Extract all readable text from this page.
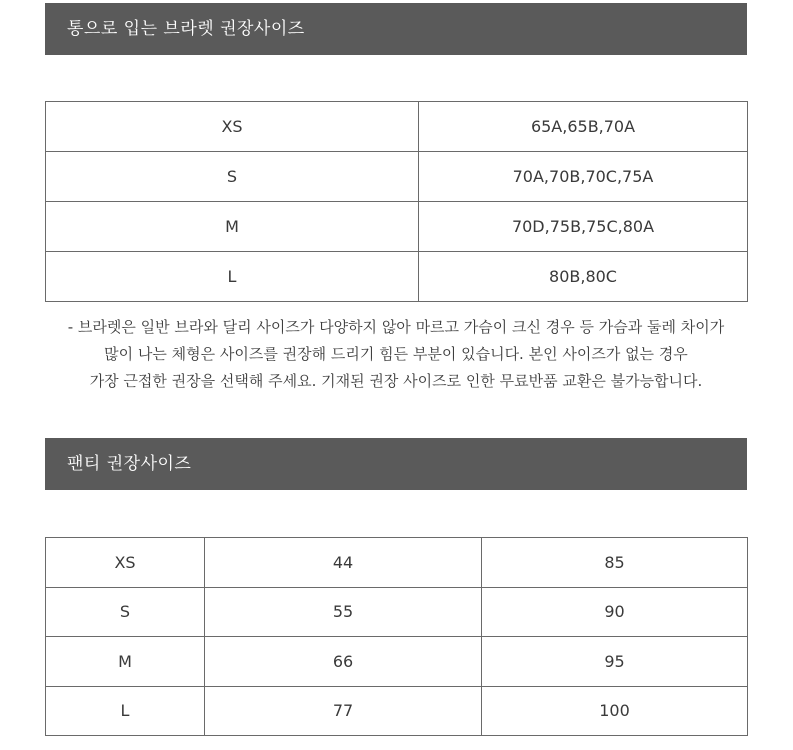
통으로 입는 브라렛 권장사이즈
XS	65A,65B,70A
S	70A,70B,70C,75A
M	70D,75B,75C,80A
L	80B,80C

- 브라렛은 일반 브라와 달리 사이즈가 다양하지 않아 마르고 가슴이 크신 경우 등 가슴과 둘레 차이가

많이 나는 체형은 사이즈를 권장해 드리기 힘든 부분이 있습니다. 본인 사이즈가 없는 경우

가장 근접한 권장을 선택해 주세요. 기재된 권장 사이즈로 인한 무료반품 교환은 불가능합니다.

팬티 권장사이즈
XS	44	85
S	55	90
M	66	95
L	77	100
